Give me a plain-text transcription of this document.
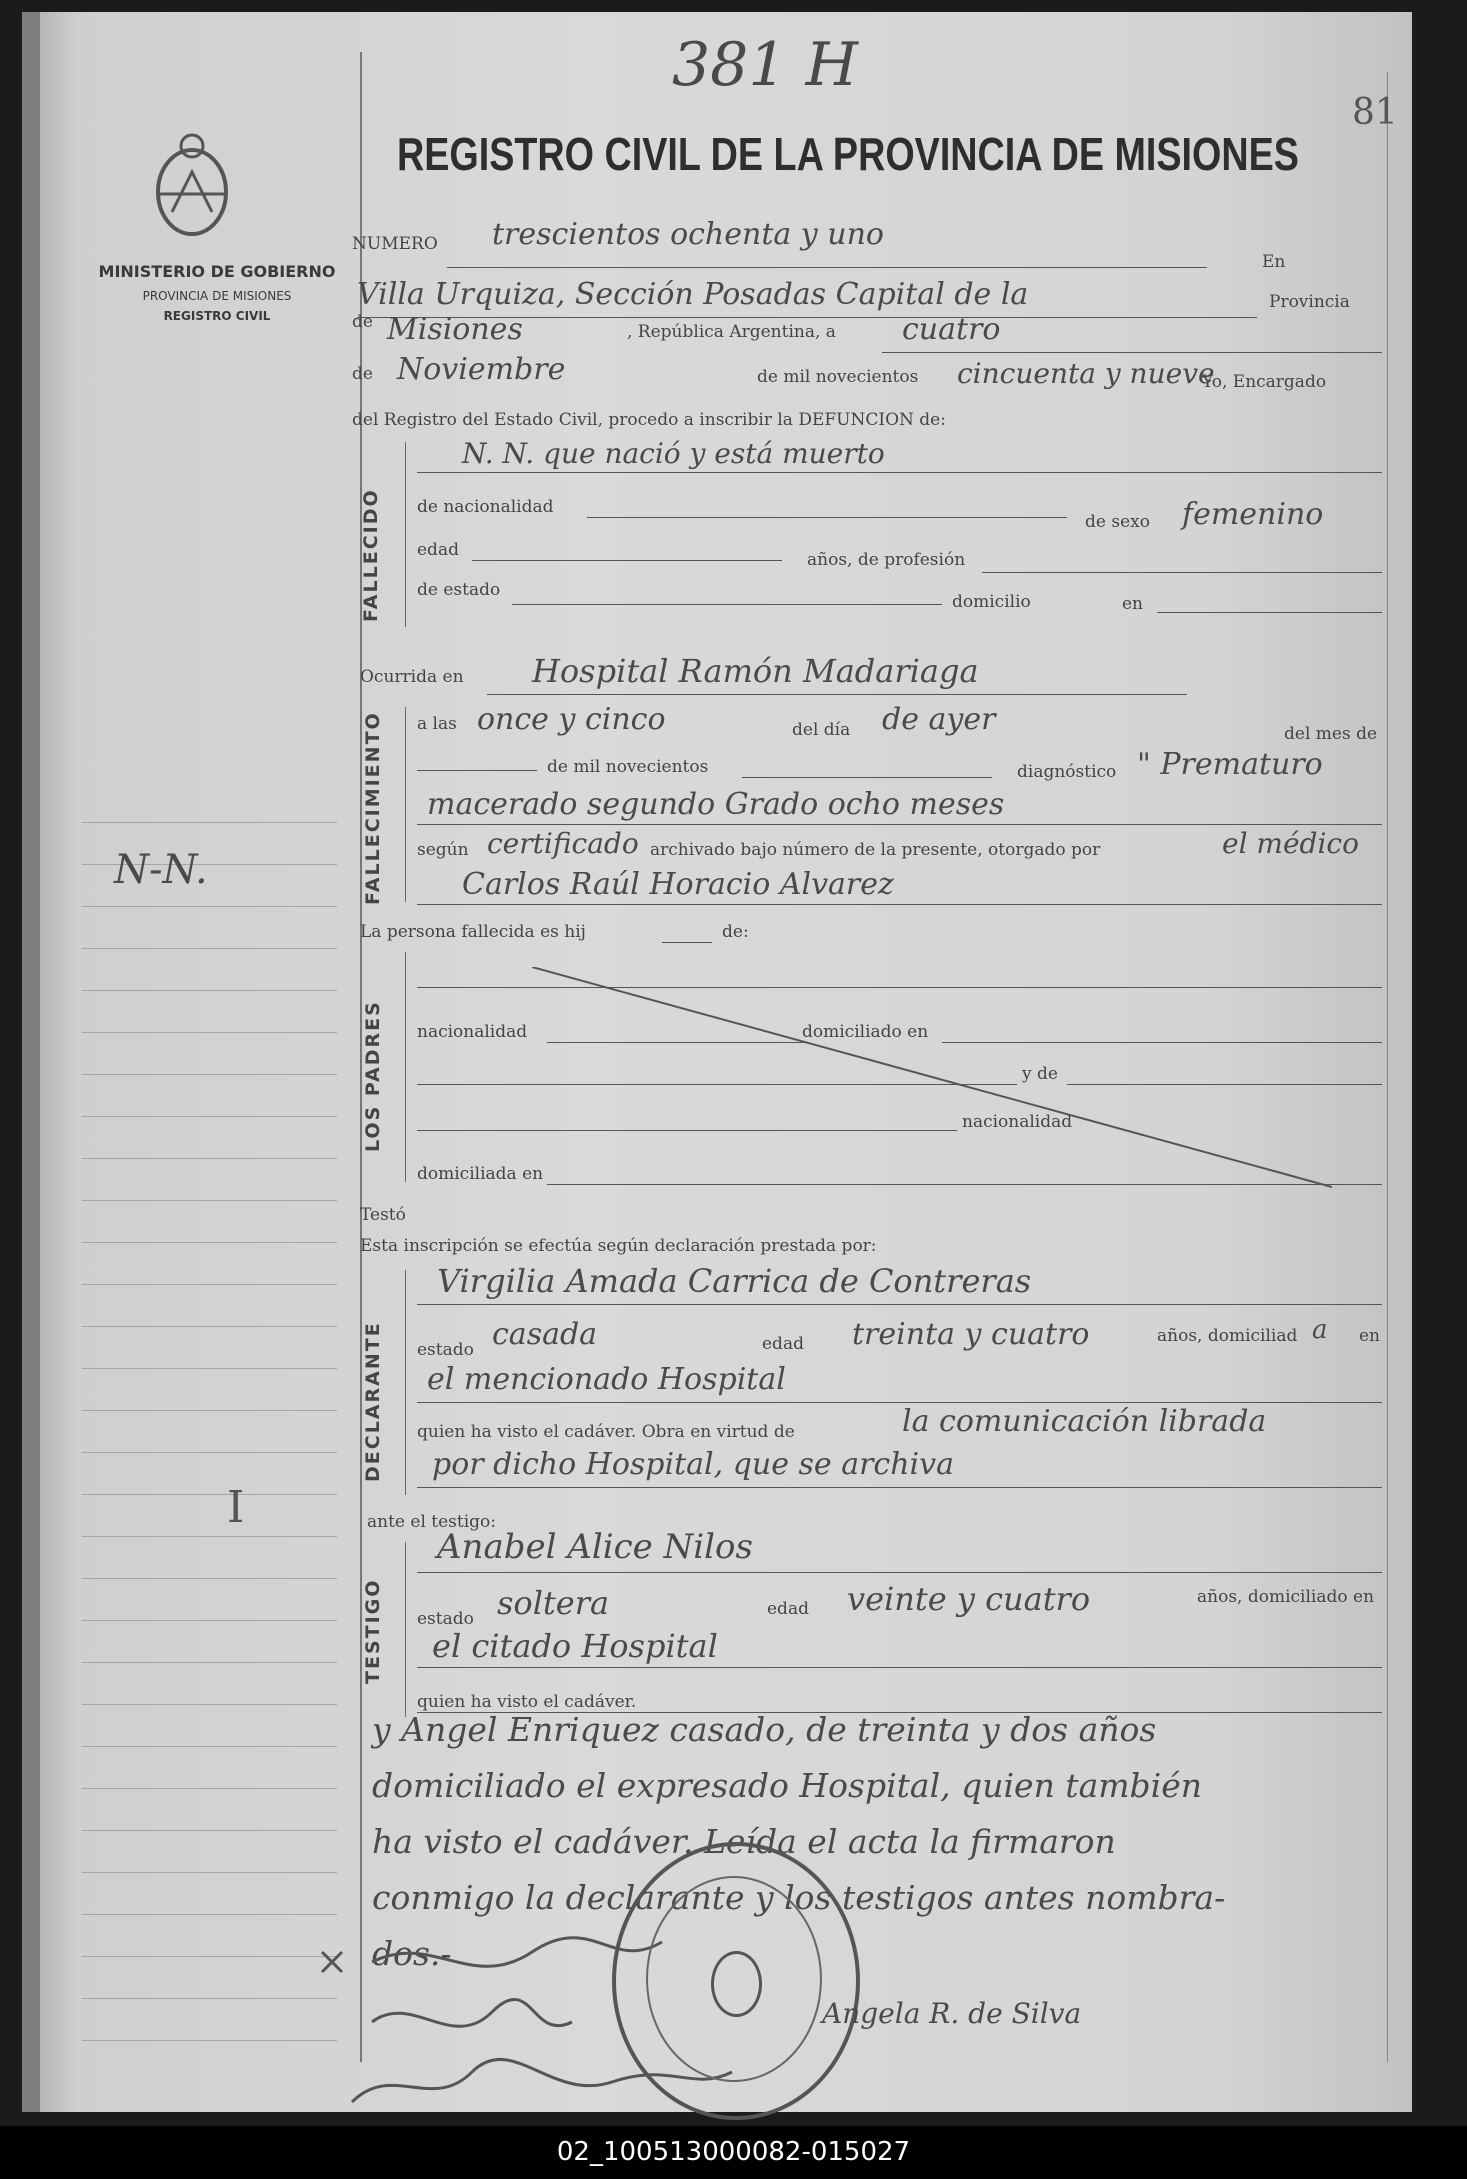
381 H
81
MINISTERIO DE GOBIERNO
PROVINCIA DE MISIONES
REGISTRO CIVIL
N-N.
I
REGISTRO CIVIL DE LA PROVINCIA DE MISIONES
NUMERO trescientos ochenta y uno
En
Villa Urquiza, Sección Posadas Capital de la	Provincia
de Misiones	, República Argentina, a cuatro
de Noviembre	de mil novecientos cincuenta y nueve
Yo, Encargado
del Registro del Estado Civil, procedo a inscribir la DEFUNCION de:
FALLECIDO
N. N. que nació y está muerto
de nacionalidad
de sexo femenino
edad	años, de profesión
de estado
domicilio	en
Ocurrida en Hospital Ramón Madariaga
FALLECIMIENTO a las once y cinco	del día de ayer	del mes de
de mil novecientos	diagnóstico " Prematuro
macerado segundo Grado ocho meses
según certificado archivado bajo número de la presente, otorgado por	el médico
Carlos Raúl Horacio Alvarez
La persona fallecida es hij	de:
LOS PADRES nacionalidad	domiciliado en
y de
nacionalidad
domiciliada en
Testó
Esta inscripción se efectúa según declaración prestada por:
DECLARANTE
Virgilia Amada Carrica de Contreras
estado casada	edad treinta y cuatro	años, domiciliad a en
el mencionado Hospital
quien ha visto el cadáver. Obra en virtud de	la comunicación librada
por dicho Hospital, que se archiva
ante el testigo:
TESTIGO
Anabel Alice Nilos
estado soltera	edad veinte y cuatro	años, domiciliado en
el citado Hospital
quien ha visto el cadáver.
y Angel Enriquez casado, de treinta y dos años
domiciliado el expresado Hospital, quien también
ha visto el cadáver. Leída el acta la firmaron
conmigo la declarante y los testigos antes nombra-
dos.-
Angela R. de Silva
02_100513000082-015027
